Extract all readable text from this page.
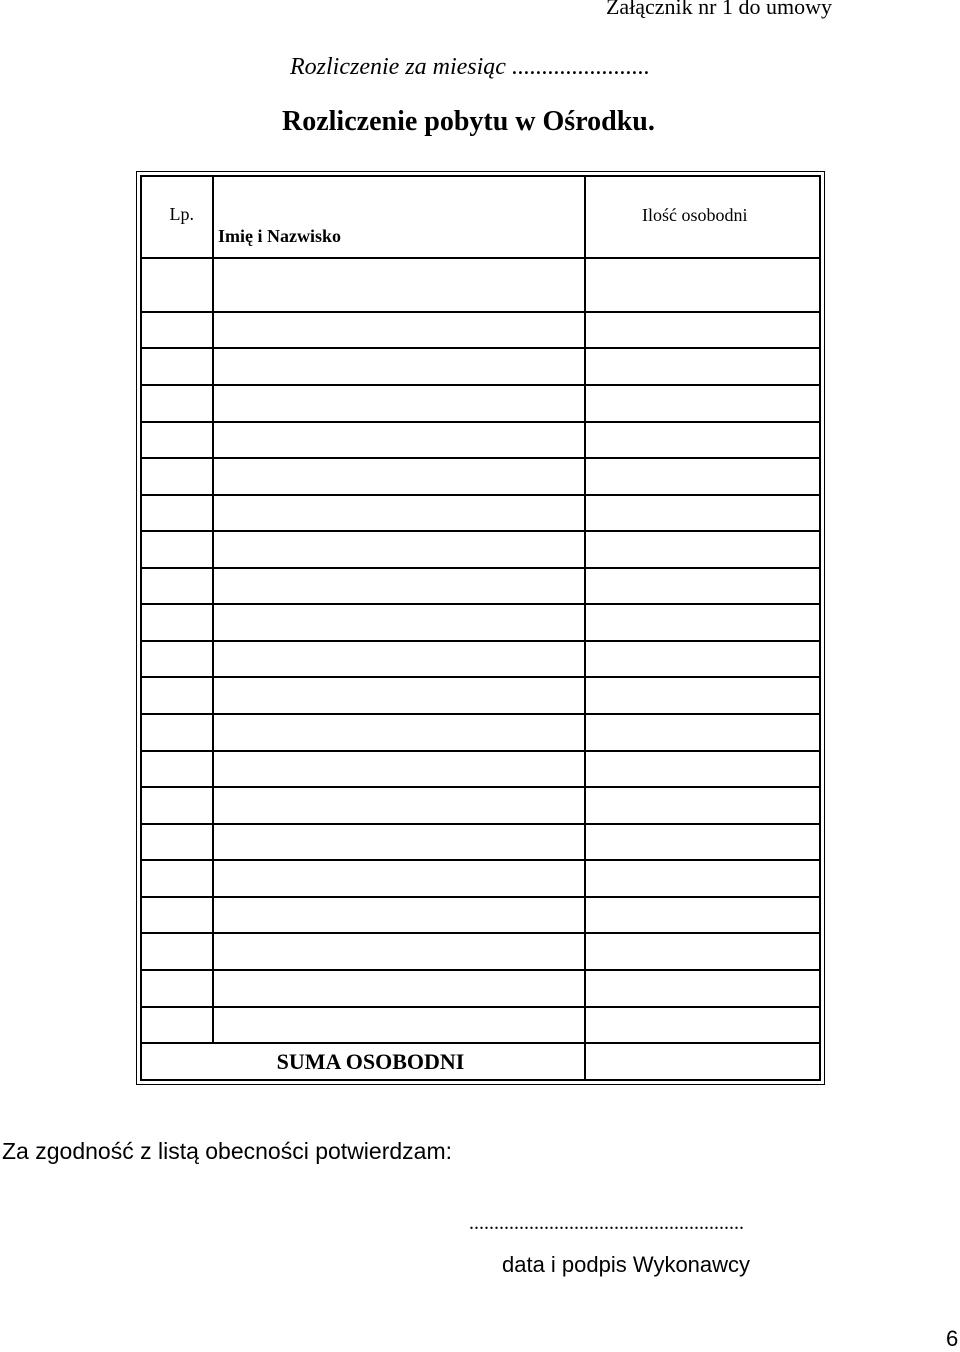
Załącznik nr 1 do umowy
Rozliczenie za miesiąc .......................
Rozliczenie pobytu w Ośrodku.
Lp.	Imię i Nazwisko	Ilość osobodni

SUMA OSOBODNI		
Za zgodność z listą obecności potwierdzam:
.......................................................
data i podpis Wykonawcy
6
